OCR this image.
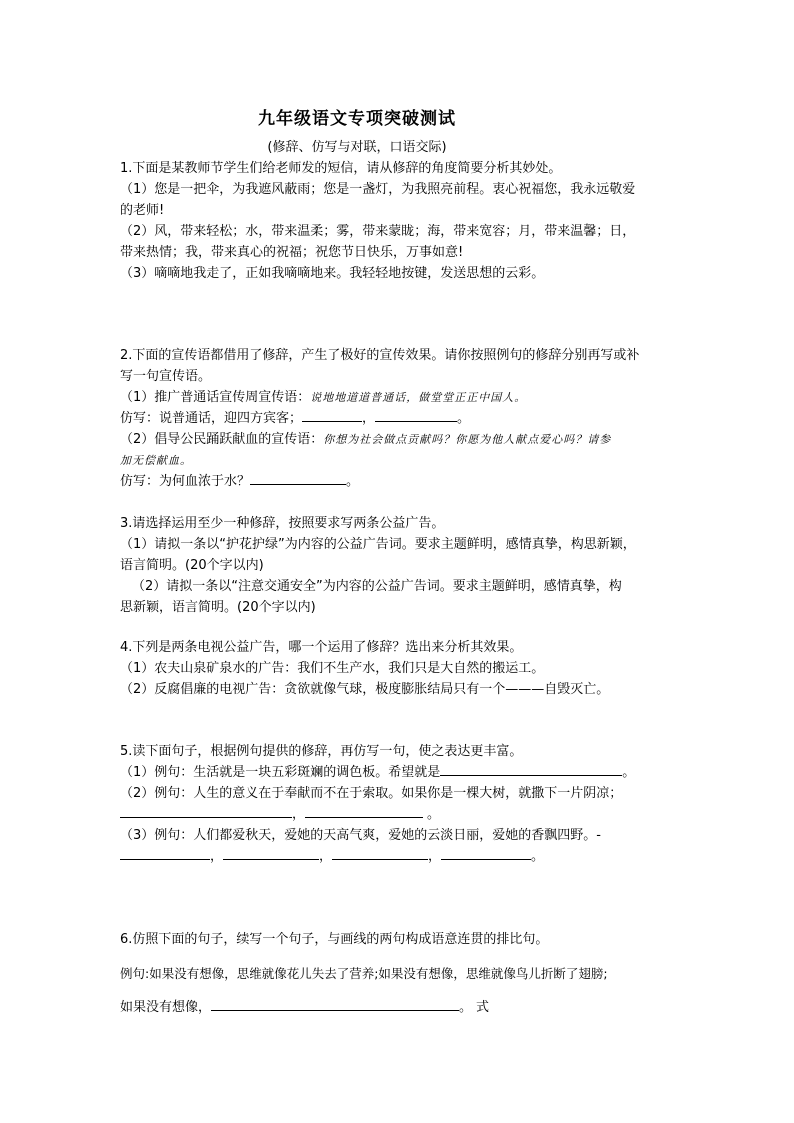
九年级语文专项突破测试
(修辞、仿写与对联，口语交际)
1.下面是某教师节学生们给老师发的短信，请从修辞的角度简要分析其妙处。
（1）您是一把伞，为我遮风蔽雨；您是一盏灯，为我照亮前程。衷心祝福您，我永远敬爱
的老师!
（2）风，带来轻松；水，带来温柔；雾，带来蒙眬；海，带来宽容；月，带来温馨；日，
带来热情；我，带来真心的祝福；祝您节日快乐，万事如意!
（3）嘀嘀地我走了，正如我嘀嘀地来。我轻轻地按键，发送思想的云彩。
2.下面的宣传语都借用了修辞，产生了极好的宣传效果。请你按照例句的修辞分别再写或补
写一句宣传语。
（1）推广普通话宣传周宣传语：说地地道道普通话，做堂堂正正中国人。
仿写：说普通话，迎四方宾客；	，	。
（2）倡导公民踊跃献血的宣传语：你想为社会做点贡献吗？你愿为他人献点爱心吗？请参
加无偿献血。
仿写：为何血浓于水？	。
3.请选择运用至少一种修辞，按照要求写两条公益广告。
（1）请拟一条以“护花护绿”为内容的公益广告词。要求主题鲜明，感情真挚，构思新颖，
语言简明。(20个字以内)
（2）请拟一条以“注意交通安全”为内容的公益广告词。要求主题鲜明，感情真挚，构
思新颖，语言简明。(20个字以内)
4.下列是两条电视公益广告，哪一个运用了修辞？选出来分析其效果。
（1）农夫山泉矿泉水的广告：我们不生产水，我们只是大自然的搬运工。
（2）反腐倡廉的电视广告：贪欲就像气球，极度膨胀结局只有一个———自毁灭亡。
5.读下面句子，根据例句提供的修辞，再仿写一句，使之表达更丰富。
（1）例句：生活就是一块五彩斑斓的调色板。希望就是	。
（2）例句：人生的意义在于奉献而不在于索取。如果你是一棵大树，就撒下一片阴凉；
，	。
（3）例句：人们都爱秋天，爱她的天高气爽，爱她的云淡日丽，爱她的香飘四野。-
，	，	，	。
6.仿照下面的句子，续写一个句子，与画线的两句构成语意连贯的排比句。
例句:如果没有想像，思维就像花儿失去了营养;如果没有想像，思维就像鸟儿折断了翅膀;
如果没有想像，	。 式
